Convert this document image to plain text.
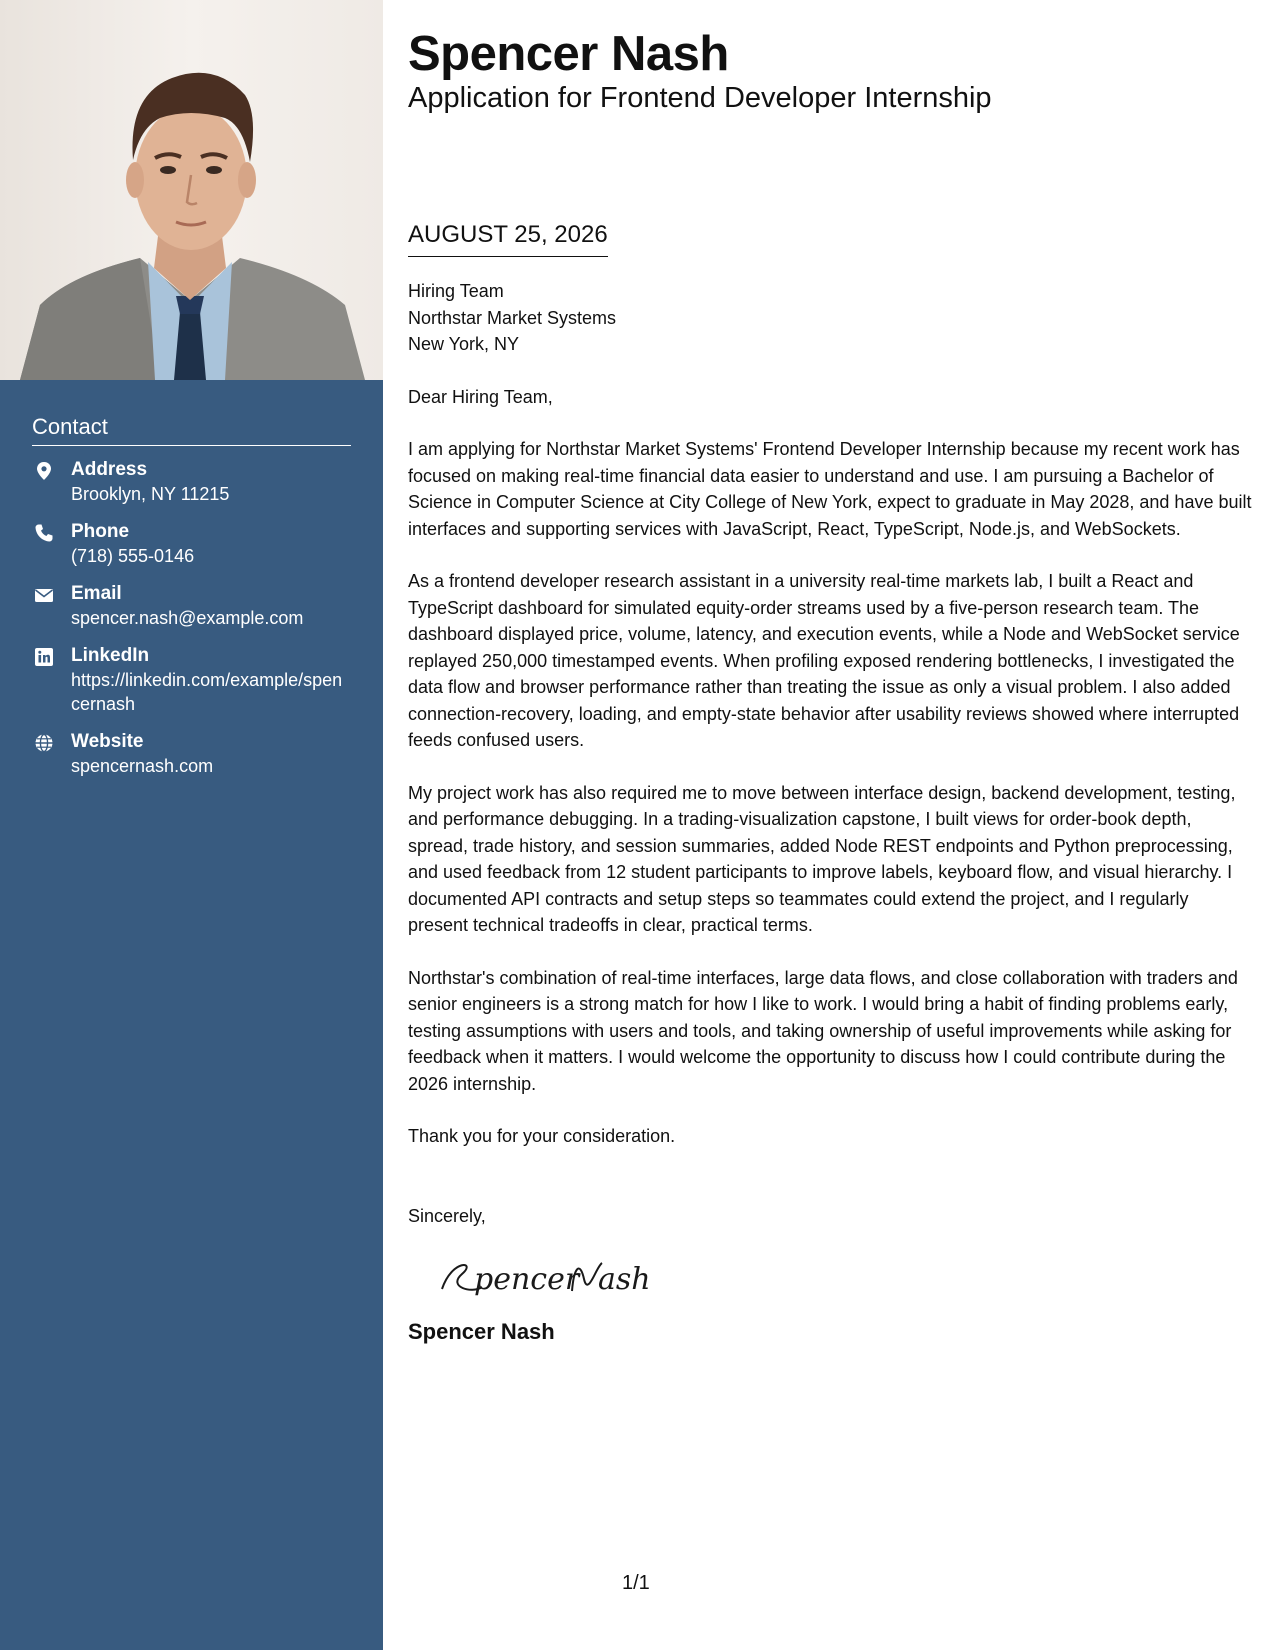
Contact
Address
Brooklyn, NY 11215
Phone
(718) 555-0146
Email
spencer.nash@example.com
LinkedIn
https://linkedin.com/example/spencernash
Website
spencernash.com
Spencer Nash
Application for Frontend Developer Internship
AUGUST 25, 2026
Hiring Team
Northstar Market Systems
New York, NY
Dear Hiring Team,
I am applying for Northstar Market Systems' Frontend Developer Internship because my recent work has focused on making real-time financial data easier to understand and use. I am pursuing a Bachelor of Science in Computer Science at City College of New York, expect to graduate in May 2028, and have built interfaces and supporting services with JavaScript, React, TypeScript, Node.js, and WebSockets.
As a frontend developer research assistant in a university real-time markets lab, I built a React and TypeScript dashboard for simulated equity-order streams used by a five-person research team. The dashboard displayed price, volume, latency, and execution events, while a Node and WebSocket service replayed 250,000 timestamped events. When profiling exposed rendering bottlenecks, I investigated the data flow and browser performance rather than treating the issue as only a visual problem. I also added connection-recovery, loading, and empty-state behavior after usability reviews showed where interrupted feeds confused users.
My project work has also required me to move between interface design, backend development, testing, and performance debugging. In a trading-visualization capstone, I built views for order-book depth, spread, trade history, and session summaries, added Node REST endpoints and Python preprocessing, and used feedback from 12 student participants to improve labels, keyboard flow, and visual hierarchy. I documented API contracts and setup steps so teammates could extend the project, and I regularly present technical tradeoffs in clear, practical terms.
Northstar's combination of real-time interfaces, large data flows, and close collaboration with traders and senior engineers is a strong match for how I like to work. I would bring a habit of finding problems early, testing assumptions with users and tools, and taking ownership of useful improvements while asking for feedback when it matters. I would welcome the opportunity to discuss how I could contribute during the 2026 internship.
Thank you for your consideration.
Sincerely,
pencer ash
Spencer Nash
1/1
